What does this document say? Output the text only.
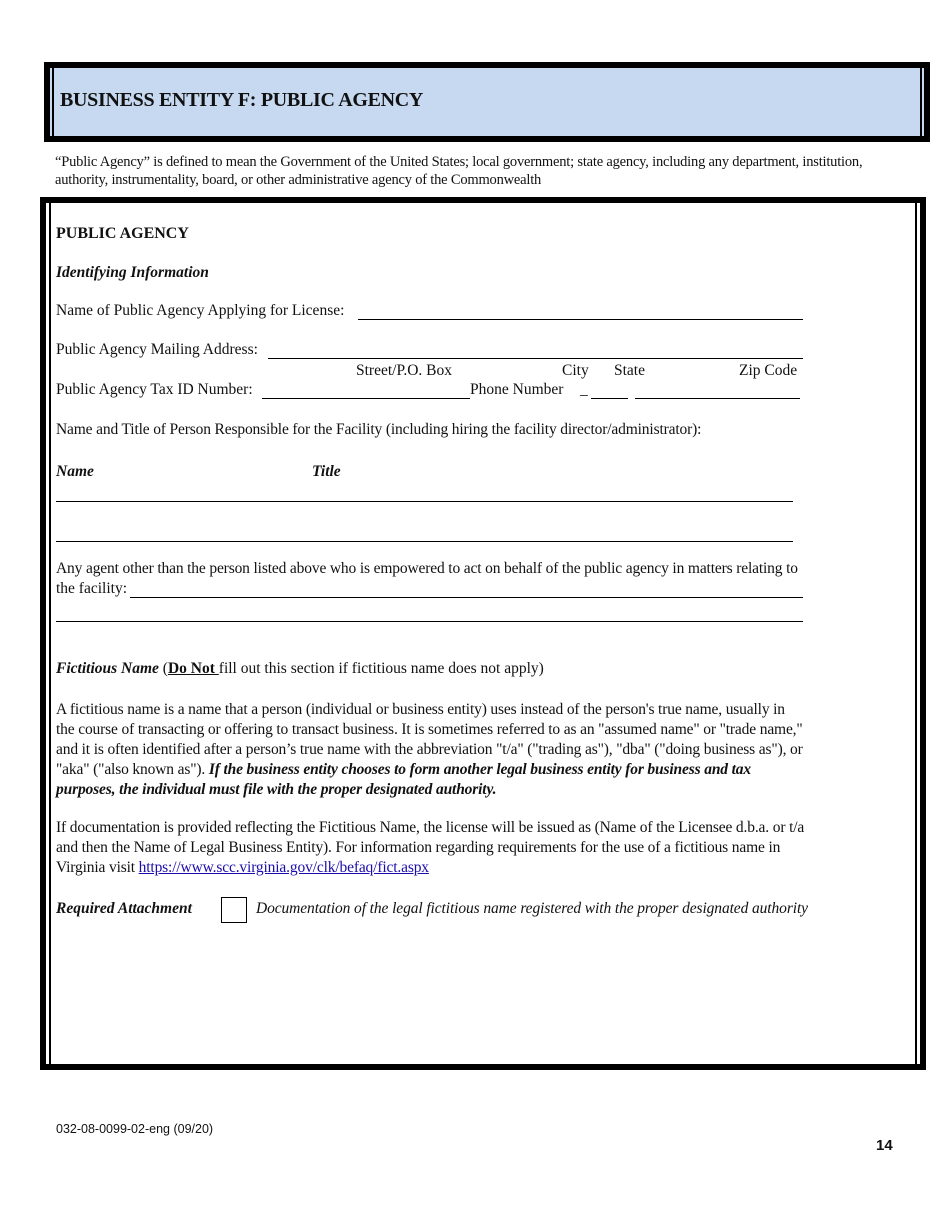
BUSINESS ENTITY F: PUBLIC AGENCY
“Public Agency” is defined to mean the Government of the United States; local government; state agency, including any department, institution, authority, instrumentality, board, or other administrative agency of the Commonwealth
PUBLIC AGENCY
Identifying Information
Name of Public Agency Applying for License:
Public Agency Mailing Address:
Street/P.O. Box	City State	Zip Code
Public Agency Tax ID Number:	Phone Number _
Name and Title of Person Responsible for the Facility (including hiring the facility director/administrator):
Name	Title
Any agent other than the person listed above who is empowered to act on behalf of the public agency in matters relating to
the facility:
Fictitious Name (Do Not fill out this section if fictitious name does not apply)
A fictitious name is a name that a person (individual or business entity) uses instead of the person's true name, usually in
the course of transacting or offering to transact business. It is sometimes referred to as an "assumed name" or "trade name,"
and it is often identified after a person’s true name with the abbreviation "t/a" ("trading as"), "dba" ("doing business as"), or
"aka" ("also known as"). If the business entity chooses to form another legal business entity for business and tax
purposes, the individual must file with the proper designated authority.
If documentation is provided reflecting the Fictitious Name, the license will be issued as (Name of the Licensee d.b.a. or t/a
and then the Name of Legal Business Entity). For information regarding requirements for the use of a fictitious name in
Virginia visit https://www.scc.virginia.gov/clk/befaq/fict.aspx
Required Attachment	Documentation of the legal fictitious name registered with the proper designated authority
032-08-0099-02-eng (09/20)
14
